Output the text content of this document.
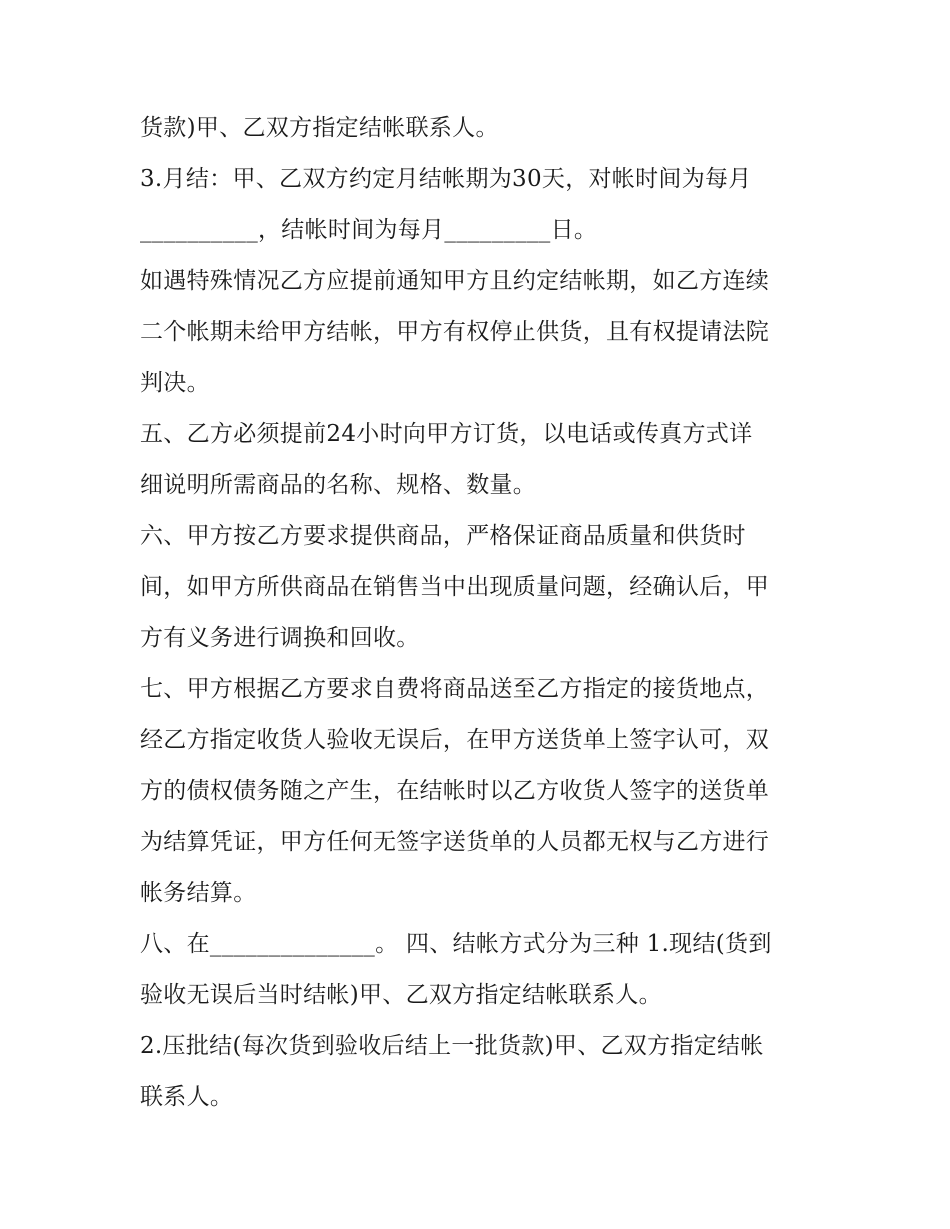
货款)甲、乙双方指定结帐联系人。
3.月结：甲、乙双方约定月结帐期为30天，对帐时间为每月
__________，结帐时间为每月_________日。
如遇特殊情况乙方应提前通知甲方且约定结帐期，如乙方连续
二个帐期未给甲方结帐，甲方有权停止供货，且有权提请法院
判决。
五、乙方必须提前24小时向甲方订货，以电话或传真方式详
细说明所需商品的名称、规格、数量。
六、甲方按乙方要求提供商品，严格保证商品质量和供货时
间，如甲方所供商品在销售当中出现质量问题，经确认后，甲
方有义务进行调换和回收。
七、甲方根据乙方要求自费将商品送至乙方指定的接货地点，
经乙方指定收货人验收无误后，在甲方送货单上签字认可，双
方的债权债务随之产生，在结帐时以乙方收货人签字的送货单
为结算凭证，甲方任何无签字送货单的人员都无权与乙方进行
帐务结算。
八、在______________。 四、结帐方式分为三种 1.现结(货到
验收无误后当时结帐)甲、乙双方指定结帐联系人。
2.压批结(每次货到验收后结上一批货款)甲、乙双方指定结帐
联系人。
